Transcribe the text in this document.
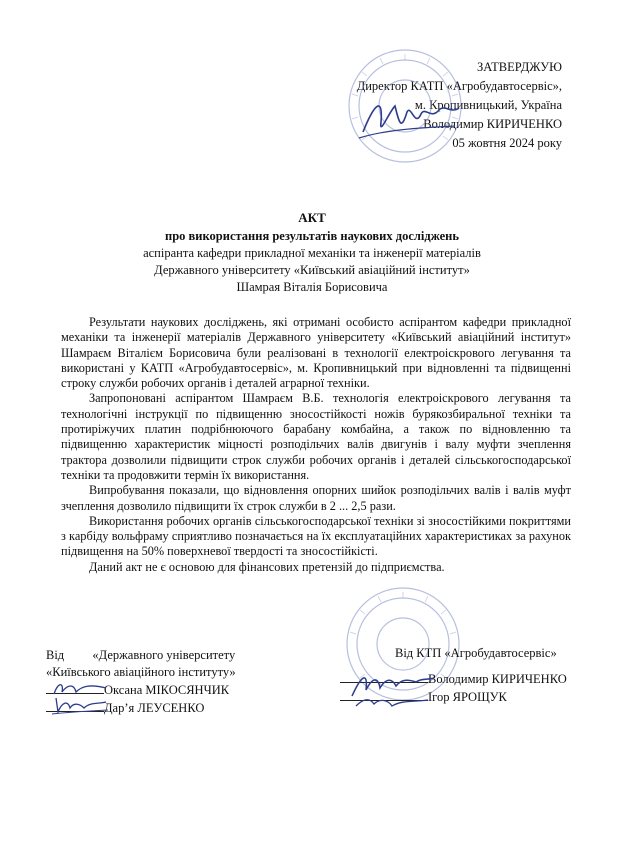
ЗАТВЕРДЖУЮ
Директор КАТП «Агробудавтосервіс»,
м. Кропивницький, Україна
Володимир КИРИЧЕНКО
05 жовтня 2024 року
АКТ
про використання результатів наукових досліджень
аспіранта кафедри прикладної механіки та інженерії матеріалів
Державного університету «Київський авіаційний інститут»
Шамрая Віталія Борисовича

Результати наукових досліджень, які отримані особисто аспірантом кафедри прикладної механіки та інженерії матеріалів Державного університету «Київський авіаційний інститут» Шамраєм Віталієм Борисовича були реалізовані в технології електроіскрового легування та використані у КАТП «Агробудавтосервіс», м. Кропивницький при відновленні та підвищенні строку служби робочих органів і деталей аграрної техніки.

Запропоновані аспірантом Шамраєм В.Б. технологія електроіскрового легування та технологічні інструкції по підвищенню зносостійкості ножів бурякозбиральної техніки та протиріжучих платин подрібнюючого барабану комбайна, а також по відновленню та підвищенню характеристик міцності розподільчих валів двигунів і валу муфти зчеплення трактора дозволили підвищити строк служби робочих органів і деталей сільськогосподарської техніки та продовжити термін їх використання.

Випробування показали, що відновлення опорних шийок розподільчих валів і валів муфт зчеплення дозволило підвищити їх строк служби в 2 ... 2,5 рази.

Використання робочих органів сільськогосподарської техніки зі зносостійкими покриттями з карбіду вольфраму сприятливо позначається на їх експлуатаційних характеристиках за рахунок підвищення на 50% поверхневої твердості та зносостійкісті.

Даний акт не є основою для фінансових претензій до підприємства.

Від «Державного університету
«Київського авіаційного інституту»
Оксана МІКОСЯНЧИК
Дар’я ЛЕУСЕНКО
Від КТП «Агробудавтосервіс»
Володимир КИРИЧЕНКО
Ігор ЯРОЩУК
